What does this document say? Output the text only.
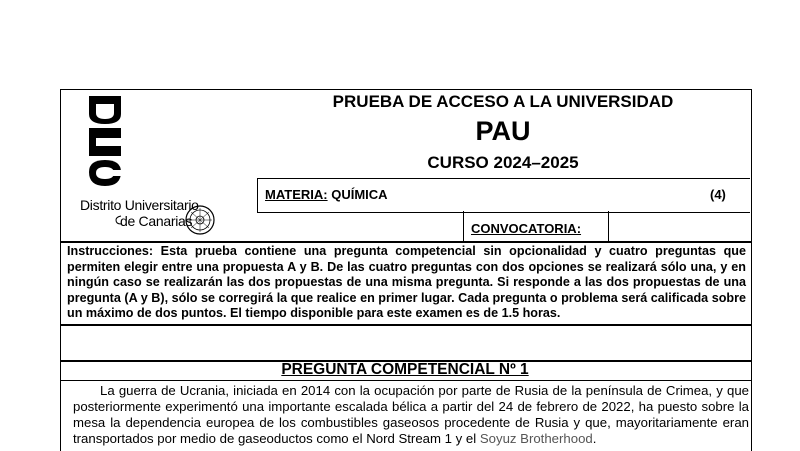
Distrito Universitario
de Canarias
PRUEBA DE ACCESO A LA UNIVERSIDAD
PAU
CURSO 2024–2025
MATERIA: QUÍMICA	(4)
CONVOCATORIA:
Instrucciones: Esta prueba contiene una pregunta competencial sin opcionalidad y cuatro preguntas que permiten elegir entre una propuesta A y B. De las cuatro preguntas con dos opciones se realizará sólo una, y en ningún caso se realizarán las dos propuestas de una misma pregunta. Si responde a las dos propuestas de una pregunta (A y B), sólo se corregirá la que realice en primer lugar. Cada pregunta o problema será calificada sobre un máximo de dos puntos. El tiempo disponible para este examen es de 1.5 horas.
PREGUNTA COMPETENCIAL Nº 1

La guerra de Ucrania, iniciada en 2014 con la ocupación por parte de Rusia de la península de Crimea, y que posteriormente experimentó una importante escalada bélica a partir del 24 de febrero de 2022, ha puesto sobre la mesa la dependencia europea de los combustibles gaseosos procedente de Rusia y que, mayoritariamente eran transportados por medio de gaseoductos como el Nord Stream 1 y el Soyuz Brotherhood.
